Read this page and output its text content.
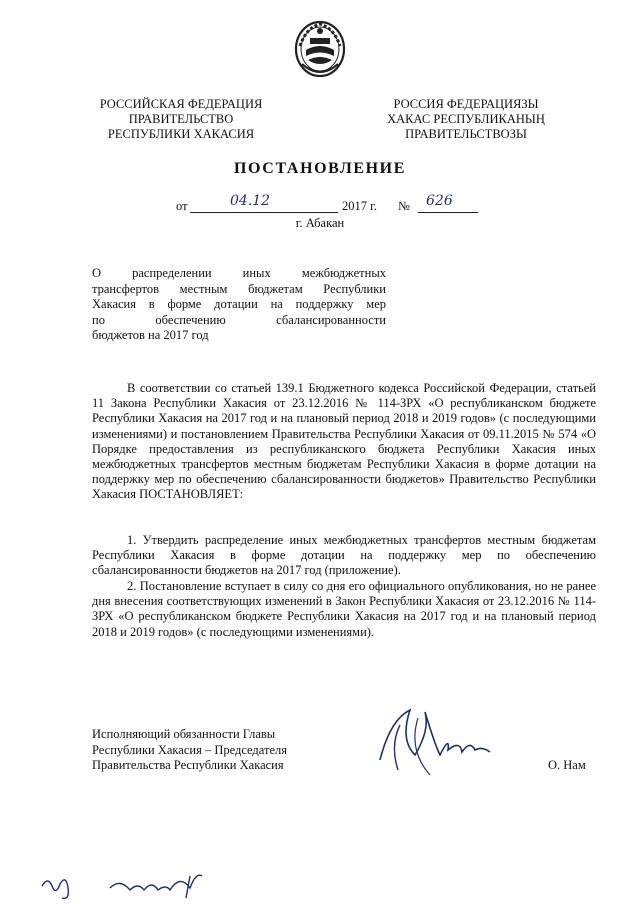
РОССИЙСКАЯ ФЕДЕРАЦИЯ
ПРАВИТЕЛЬСТВО
РЕСПУБЛИКИ ХАКАСИЯ
РОССИЯ ФЕДЕРАЦИЯЗЫ
ХАКАС РЕСПУБЛИКАНЫҢ
ПРАВИТЕЛЬСТВОЗЫ
ПОСТАНОВЛЕНИЕ
от	04.12	2017 г. № 626
г. Абакан
О распределении иных межбюджетных
трансфертов местным бюджетам Республики
Хакасия в форме дотации на поддержку мер
по обеспечению сбалансированности
бюджетов на 2017 год
В соответствии со статьей 139.1 Бюджетного кодекса Российской Федерации, статьей 11 Закона Республики Хакасия от 23.12.2016 № 114-ЗРХ «О республиканском бюджете Республики Хакасия на 2017 год и на плановый период 2018 и 2019 годов» (с последующими изменениями) и постановлением Правительства Республики Хакасия от 09.11.2015 № 574 «О Порядке предоставления из республиканского бюджета Республики Хакасия иных межбюджетных трансфертов местным бюджетам Республики Хакасия в форме дотации на поддержку мер по обеспечению сбалансированности бюджетов» Правительство Республики Хакасия ПОСТАНОВЛЯЕТ:
1. Утвердить распределение иных межбюджетных трансфертов местным бюджетам Республики Хакасия в форме дотации на поддержку мер по обеспечению сбалансированности бюджетов на 2017 год (приложение).
2. Постановление вступает в силу со дня его официального опубликования, но не ранее дня внесения соответствующих изменений в Закон Республики Хакасия от 23.12.2016 № 114-ЗРХ «О республиканском бюджете Республики Хакасия на 2017 год и на плановый период 2018 и 2019 годов» (с последующими изменениями).
Исполняющий обязанности Главы
Республики Хакасия – Председателя
Правительства Республики Хакасия	О. Нам
